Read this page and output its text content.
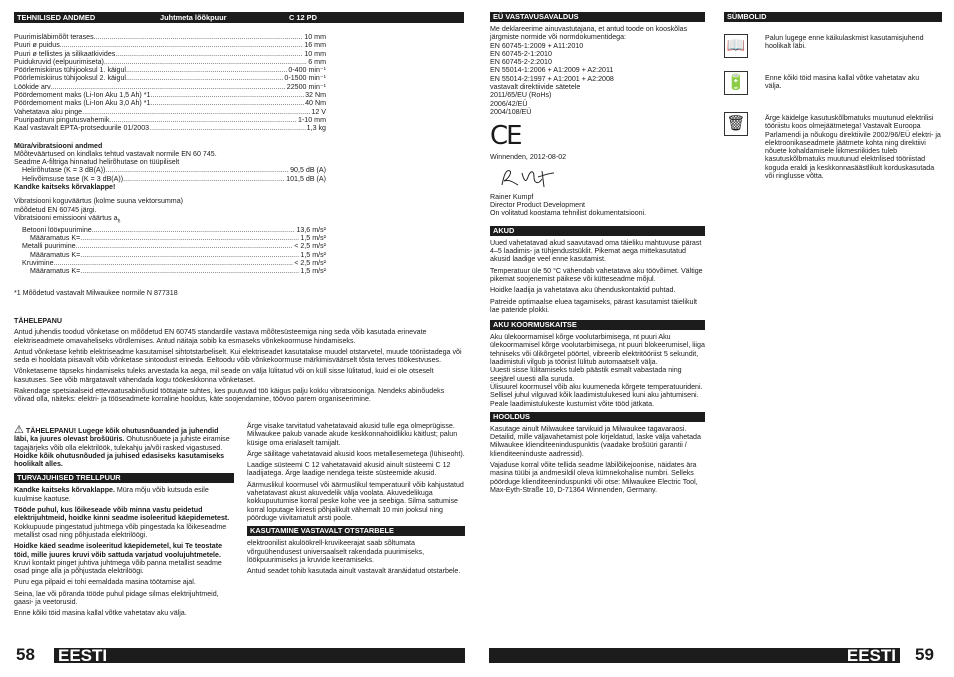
TEHNILISED ANDMED	Juhtmeta lõõkpuur	C 12 PD
Puurimisläbimõõt terases .....	10 mm
Puuri ø puidus .....	16 mm
Puuri ø tellistes ja silikaatkivides .....	10 mm
Puidukruvid (eelpuurimiseta) .....	6 mm
Pöörlemiskiirus tühijooksul 1. käigul .....	0-400 min⁻¹
Pöörlemiskiirus tühijooksul 2. käigul .....	0-1500 min⁻¹
Löökide arv .....	22500 min⁻¹
Pöördemoment maks (Li-Ion Aku 1,5 Ah) *1 .....	32 Nm
Pöördemoment maks (Li-Ion Aku 3,0 Ah) *1 .....	40 Nm
Vahetatava aku pinge .....	12 V
Puuripadruni pingutusvahemik .....	1-10 mm
Kaal vastavalt EPTA-protseduurile 01/2003 .....	1,3 kg

Müra/vibratsiooni andmed

Mõõteväärtused on kindlaks tehtud vastavalt normile EN 60 745.
Seadme A-filtriga hinnatud helirõhutase on tüüpiliselt
Helirõhutase (K = 3 dB(A)) .....	90,5 dB (A)
Helivõimsuse tase (K = 3 dB(A)) .....	101,5 dB (A)
Kandke kaitseks kõrvaklappe!
Vibratsiooni koguväärtus (kolme suuna vektorsumma) mõõdetud EN 60745 järgi.
Vibratsiooni emissiooni väärtus $a_h$
Betooni lööкpuurimine .....	13,6 m/s²
Määramatus K= .....	1,5 m/s²
Metalli puurimine .....	< 2,5 m/s²
Määramatus K= .....	1,5 m/s²
Kruvimine .....	< 2,5 m/s²
Määramatus K= .....	1,5 m/s²
*1 Mõõdetud vastavalt Milwaukee normile N 877318

TÄHELEPANU

Antud juhendis toodud võnketase on mõõdetud EN 60745 standardile vastava mõõtesüsteemiga ning seda võib kasutada erinevate elektriseadmete omavaheliseks võrdlemises. Antud näitaja sobib ka esmaseks võnkekoormuse hindamiseks.

Antud võnketase kehtib elektriseadme kasutamisel sihtotstarbeliselt. Kui elektriseadet kasutatakse muudel otstarvetel, muude tööriistadega või seda ei hooldata piisavalt võib võnketase sintoodust erineda. Eeltoodu võib võnkekoormuse märkimisväärselt tõsta terves töökestvuses.

Võnketaseme täpseks hindamiseks tuleks arvestada ka aega, mil seade on välja lülitatud või on küll sisse lülitatud, kuid ei ole otseselt kasutuses. See võib märgatavalt vähendada kogu töökeskkonna võnketaset.

Rakendage spetsiaalseid ettevaatusabinõusid töötajate suhtes, kes puutuvad töö käigus palju kokku vibratsiooniga. Nendeks abinõudeks võivad olla, näiteks: elektri- ja tööseadmete korraline hooldus, käte soojendamine, töövoo parem organiseerimine.

⚠ TÄHELEPANU! Lugege kõik ohutusnõuanded ja juhendid läbi, ka juures olevast brošüüris. Ohutusnõuete ja juhiste eiramise tagajärjeks võib olla elektrilöök, tulekahju ja/või rasked vigastused.

Hoidke kõik ohutusnõuded ja juhised edasiseks kasutamiseks hoolikalt alles.

TURVAJUHISED TRELLPUUR

Kandke kaitseks kõrvaklappe. Müra mõju võib kutsuda esile kuulmise kaotuse.

Tööde puhul, kus lõikeseade võib minna vastu peidetud elektrijuhtmeid, hoidke kinni seadme isoleeritud käepidemetest. Kokkupuude pingestatud juhtmega võib pingestada ka lõikeseadme metallist osad ning põhjustada elektrilöögi.

Hoidke käed seadme isoleeritud käepidemetel, kui Te teostate töid, mille juures kruvi võib sattuda varjatud voolujuhtmetele. Kruvi kontakt pinget juhtiva juhtmega võib panna metallist seadme osad pinge alla ja põhjustada elektrilöögi.

Puru ega pilpaid ei tohi eemaldada masina töötamise ajal.

Seina, lae või põranda tööde puhul pidage silmas elektrijuhtmeid, gaasi- ja veetorusid.

Enne kõiki töid masina kallal võtke vahetatav aku välja.

Ärge visake tarvitatud vahetatavaid akusid tulle ega olmeprügisse. Milwaukee pakub vanade akude keskkonnahoidlikku käitlust; palun küsige oma erialaselt tarnijalt.

Ärge säilitage vahetatavaid akusid koos metallesemetega (lühiseoht).

Laadige süsteemi C 12 vahetatavaid akusid ainult süsteemi C 12 laadijatega. Ärge laadige nendega teiste süsteemide akusid.

Äärmuslikul koormusel või äärmuslikul temperatuuril võib kahjustatud vahetatavast akust akuvedelik välja voolata. Akuvedelikuga kokkupuutumise korral peske kohe vee ja seebiga. Silma sattumise korral loputage kiiresti põhjalikult vähemalt 10 min jooksul ning pöörduge viivitamatult arsti poole.

KASUTAMINE VASTAVALT OTSTARBELE

elektroonilist akulöökrell-kruvikeerajat saab sõltumata võrguühendusest universaalselt rakendada puurimiseks, löökpuurimiseks ja kruvide keeramiseks.

Antud seadet tohib kasutada ainult vastavalt äranäidatud otstarbele.

58 EESTI
EÜ VASTAVUSAVALDUS
Me deklareerime ainuvastutajana, et antud toode on kooskõlas järgmiste normide või normdokumentidega:
EN 60745-1:2009 + A11:2010
EN 60745-2-1:2010
EN 60745-2-2:2010
EN 55014-1:2006 + A1:2009 + A2:2011
EN 55014-2:1997 + A1:2001 + A2:2008
vastavalt direktiivide sätetele
2011/65/EU (RoHs)
2006/42/EÜ
2004/108/EÜ
CE
Winnenden, 2012-08-02
Rainer Kumpf
Director Product Development
On volitatud koostama tehnilist dokumentatsiooni.
AKUD

Uued vahetatavad akud saavutavad oma täieliku mahtuvuse pärast 4–5 laadimis- ja tühjendustsüklit. Pikemat aega mittekasutatud akusid laadige veel enne kasutamist.

Temperatuur üle 50 °C vähendab vahetatava aku töövõimet. Vältige pikemat soojenemist päikese või kütteseadme mõjul.

Hoidke laadija ja vahetatava aku ühenduskontaktid puhtad.

Patreide optimaalse eluea tagamiseks, pärast kasutamist täielikult lae pateride plokki.

AKU KOORMUSKAITSE
Aku ülekoormamisel kõrge voolutarbimisega, nt puuri Aku ülekoormamisel kõrge voolutarbimisega, nt puuri blokeerumisel, liiga tehniseks või ülikõrgetel pöörtel, vibreerib elektritööriist 5 sekundit, laadimistuli vilgub ja tööriist lülitub automaatselt välja.
Uuesti sisse lülitamiseks tuleb päästik esmalt vabastada ning seejärel uuesti alla suruda.

Ülisuurel koormusel võib aku kuumeneda kõrgete temperatuurideni. Sellisel juhul vilguvad kõik laadimistulukesed kuni aku jahtumiseni. Peale laadimistulukeste kustumist võite tööd jätkata.

HOOLDUS

Kasutage ainult Milwaukee tarvikuid ja Milwaukee tagavaraosi. Detailid, mille väljavahetamist pole kirjeldatud, laske välja vahetada Milwaukee klienditeeninduspunktis (vaadake brošüüri garantii / klienditeeninduste aadressid).

Vajaduse korral võite tellida seadme läbilõikejoonise, näidates ära masina tüübi ja andmesildil oleva kümnekohalise numbri. Selleks pöörduge klienditeeninduspunkti või otse: Milwaukee Electric Tool, Max-Eyth-Straße 10, D-71364 Winnenden, Germany.

SÜMBOLID
📖	Palun lugege enne käikulaskmist kasutamisjuhend hoolikalt läbi.
🔋	Enne kõiki töid masina kallal võtke vahetatav aku välja.
🗑	Ärge käidelge kasutuskõlbmatuks muutunud elektrilisi tööriistu koos olmejäätmetega! Vastavalt Euroopa Parlamendi ja nõukogu direktiivile 2002/96/EÜ elektri- ja elektroonikaseadmete jäätmete kohta ning direktiivi nõuete kohaldamisele liikmesriikides tuleb kasutuskõlbmatuks muutunud elektrilised tööriistad koguda eraldi ja keskkonnasäästlikult korduskasutada või ringlusse võtta.
EESTI 59
